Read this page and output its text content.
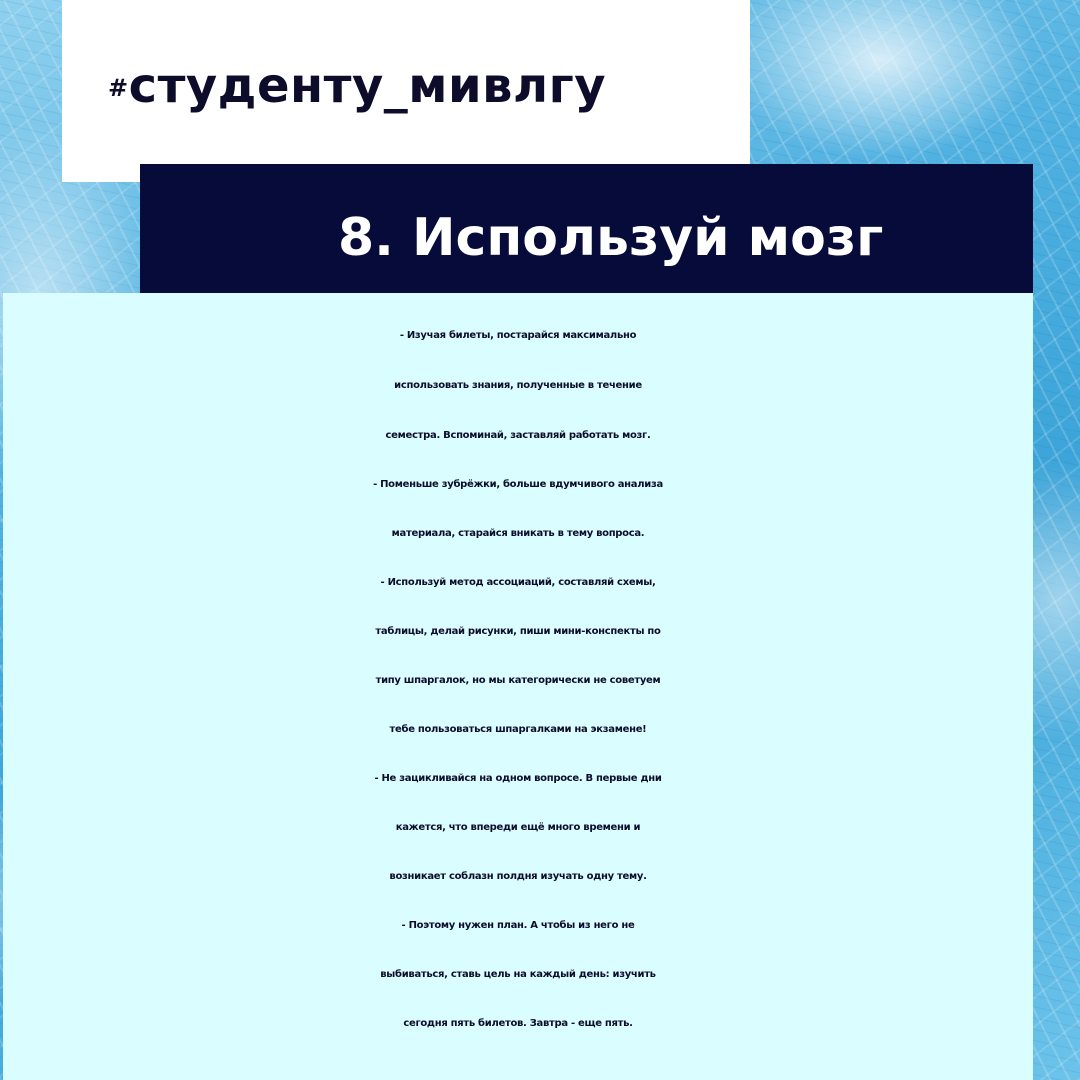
#студенту_мивлгу
8. Используй мозг
- Изучая билеты, постарайся максимально
использовать знания, полученные в течение
семестра. Вспоминай, заставляй работать мозг.
- Поменьше зубрёжки, больше вдумчивого анализа
материала, старайся вникать в тему вопроса.
- Используй метод ассоциаций, составляй схемы,
таблицы, делай рисунки, пиши мини-конспекты по
типу шпаргалок, но мы категорически не советуем
тебе пользоваться шпаргалками на экзамене!
- Не зацикливайся на одном вопросе. В первые дни
кажется, что впереди ещё много времени и
возникает соблазн полдня изучать одну тему.
- Поэтому нужен план. А чтобы из него не
выбиваться, ставь цель на каждый день: изучить
сегодня пять билетов. Завтра - еще пять.
